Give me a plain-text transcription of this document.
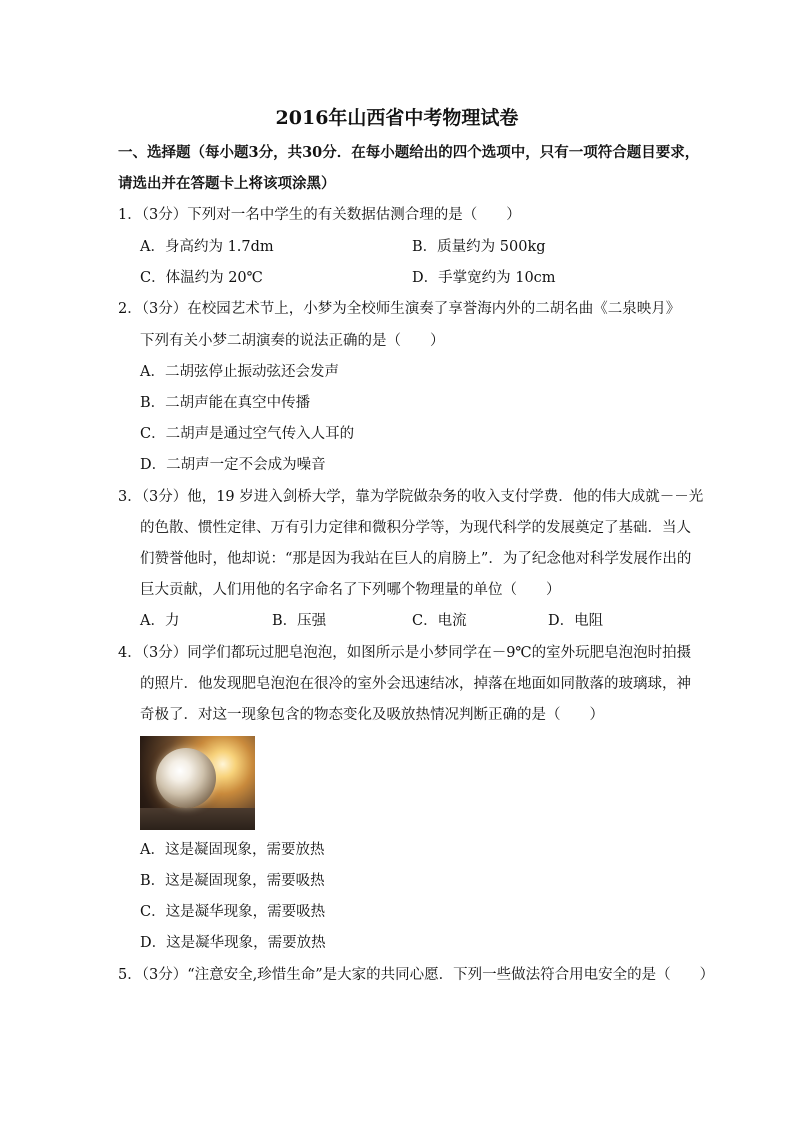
2016年山西省中考物理试卷
一、选择题（每小题3分，共30分．在每小题给出的四个选项中，只有一项符合题目要求，
请选出并在答题卡上将该项涂黑）
1．（3分）下列对一名中学生的有关数据估测合理的是（　　）
A．身高约为 1.7dm	B．质量约为 500kg
C．体温约为 20℃	D．手掌宽约为 10cm
2．（3分）在校园艺术节上，小梦为全校师生演奏了享誉海内外的二胡名曲《二泉映月》
下列有关小梦二胡演奏的说法正确的是（　　）
A．二胡弦停止振动弦还会发声
B．二胡声能在真空中传播
C．二胡声是通过空气传入人耳的
D．二胡声一定不会成为噪音
3．（3分）他，19 岁进入剑桥大学，靠为学院做杂务的收入支付学费．他的伟大成就－－光
的色散、惯性定律、万有引力定律和微积分学等，为现代科学的发展奠定了基础．当人
们赞誉他时，他却说：“那是因为我站在巨人的肩膀上”．为了纪念他对科学发展作出的
巨大贡献，人们用他的名字命名了下列哪个物理量的单位（　　）
A．力	B．压强	C．电流	D．电阻
4．（3分）同学们都玩过肥皂泡泡，如图所示是小梦同学在－9℃的室外玩肥皂泡泡时拍摄
的照片．他发现肥皂泡泡在很冷的室外会迅速结冰，掉落在地面如同散落的玻璃球，神
奇极了．对这一现象包含的物态变化及吸放热情况判断正确的是（　　）
A．这是凝固现象，需要放热
B．这是凝固现象，需要吸热
C．这是凝华现象，需要吸热
D．这是凝华现象，需要放热
5．（3分）“注意安全,珍惜生命”是大家的共同心愿．下列一些做法符合用电安全的是（　　）
